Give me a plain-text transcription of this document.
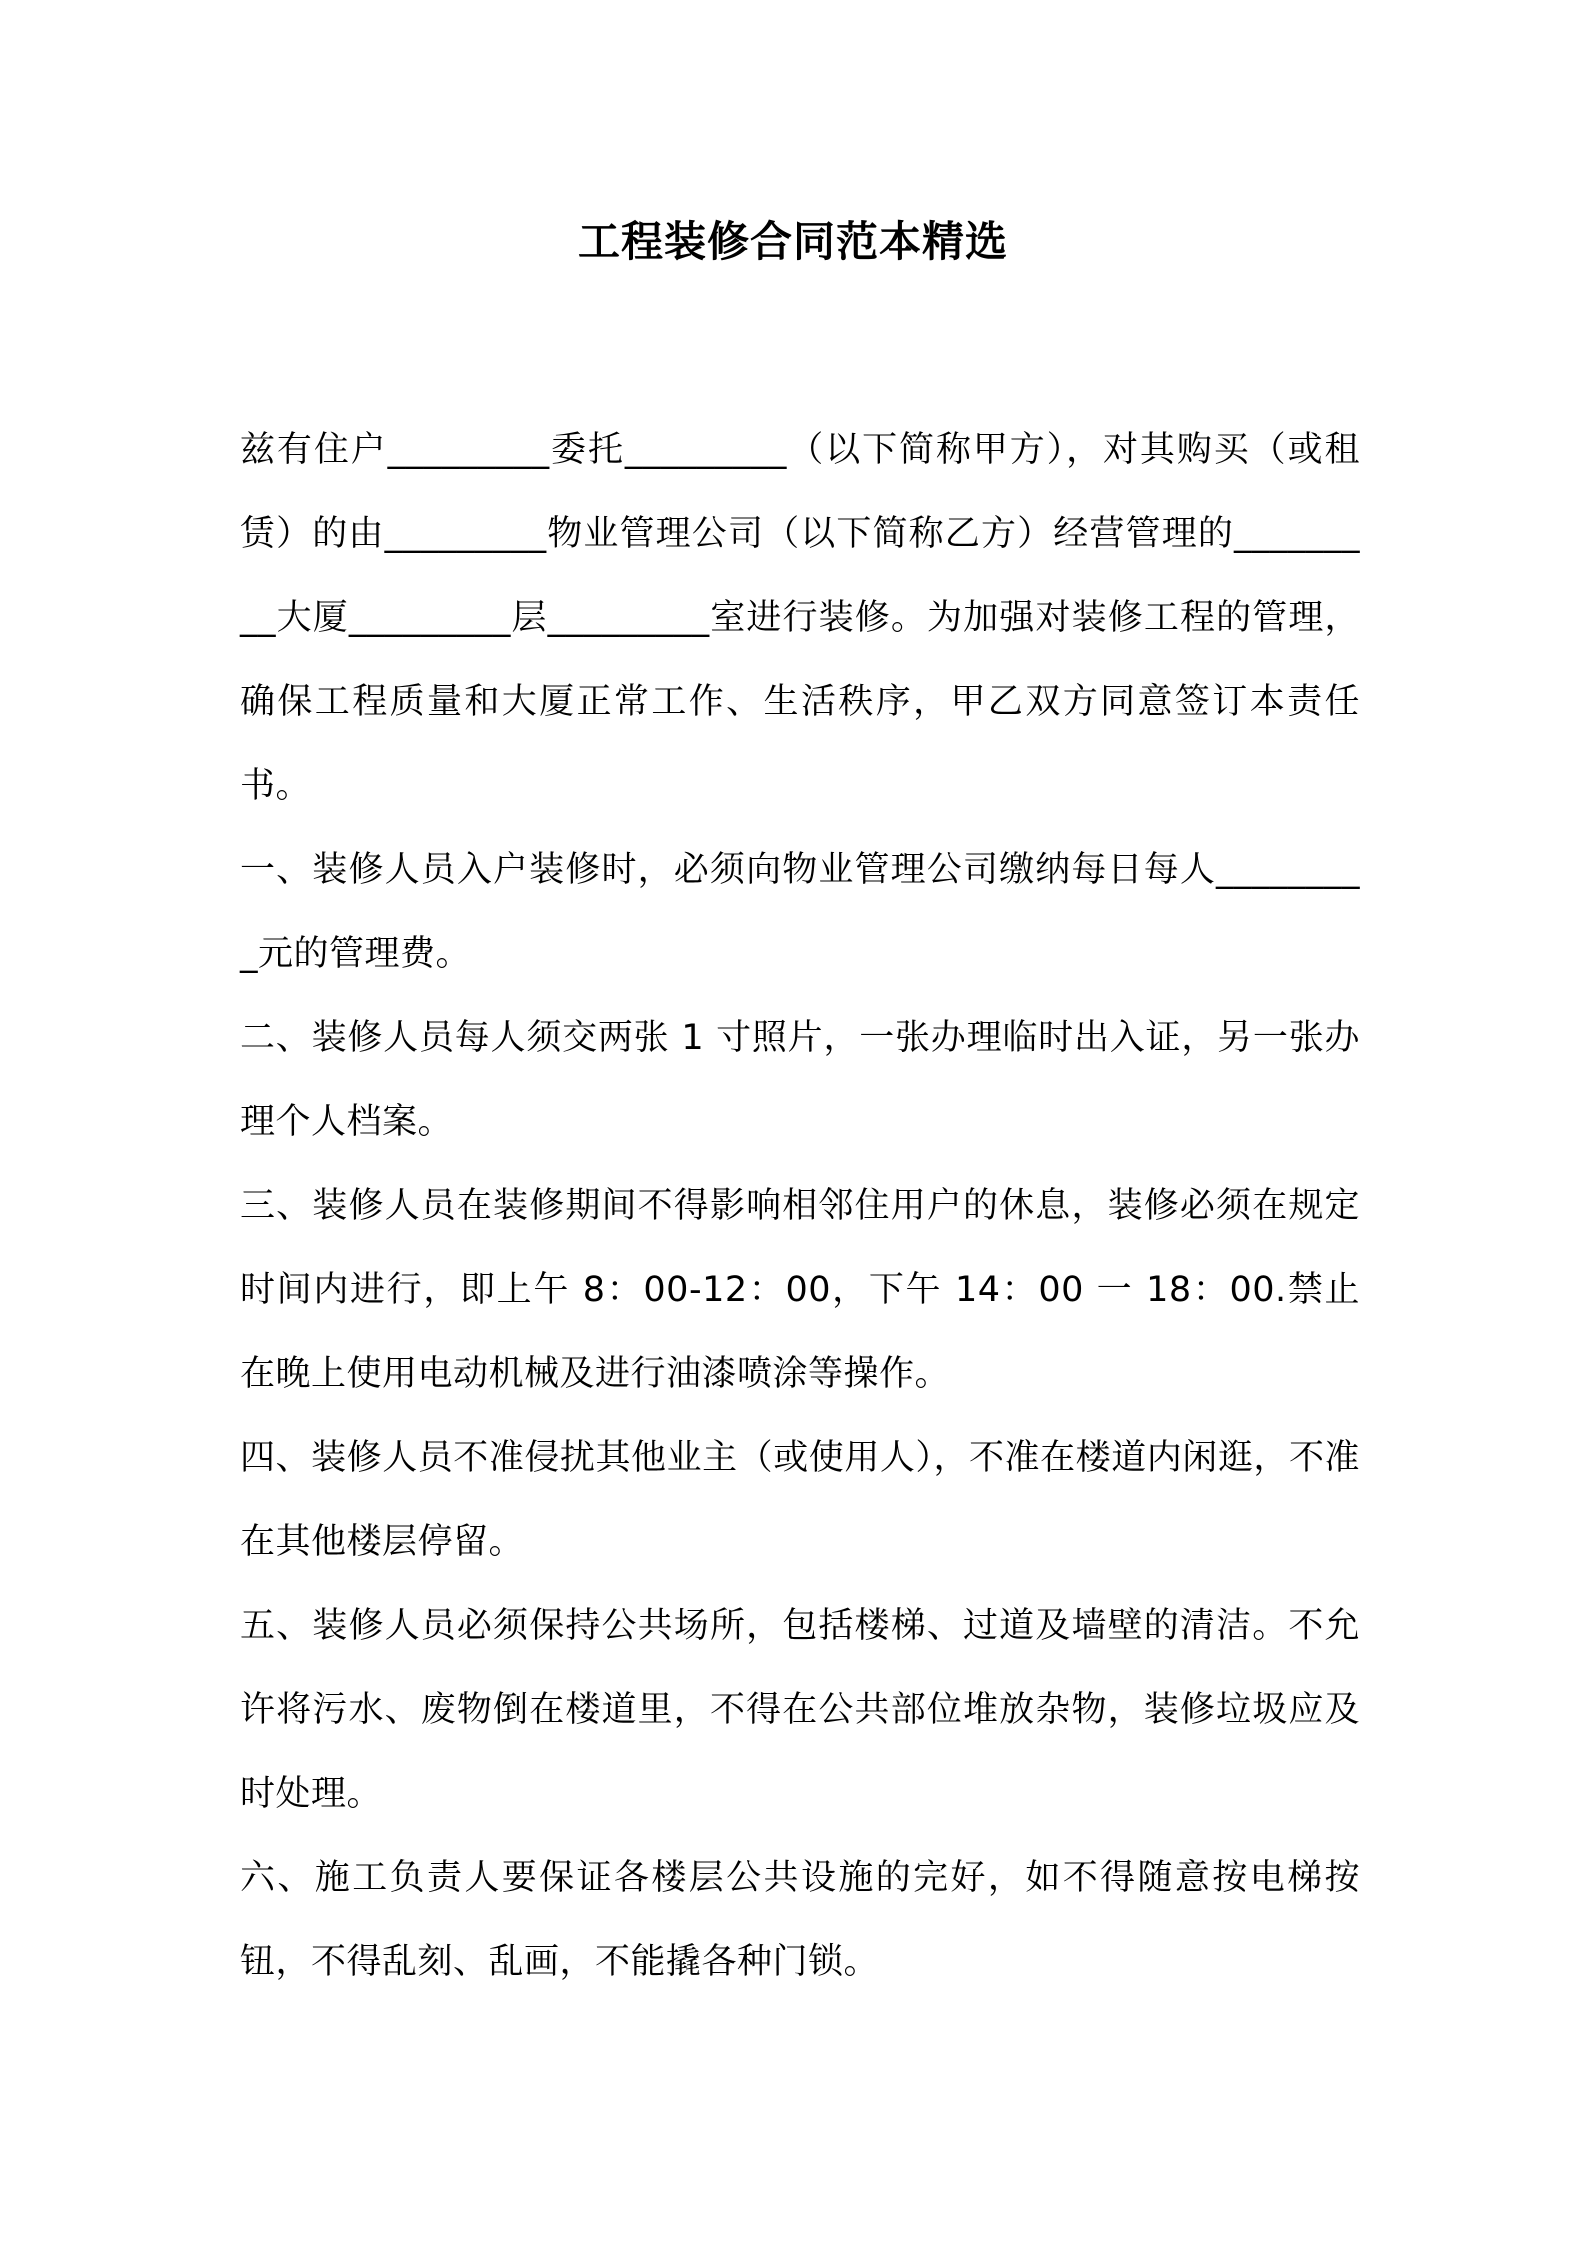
工程装修合同范本精选

兹有住户_________委托_________（以下简称甲方），对其购买（或租赁）的由_________物业管理公司（以下简称乙方）经营管理的_________大厦_________层_________室进行装修。为加强对装修工程的管理，确保工程质量和大厦正常工作、生活秩序，甲乙双方同意签订本责任书。

一、装修人员入户装修时，必须向物业管理公司缴纳每日每人_________元的管理费。

二、装修人员每人须交两张 1 寸照片，一张办理临时出入证，另一张办理个人档案。

三、装修人员在装修期间不得影响相邻住用户的休息，装修必须在规定时间内进行，即上午 8：00-12：00，下午 14：00 一 18：00.禁止在晚上使用电动机械及进行油漆喷涂等操作。

四、装修人员不准侵扰其他业主（或使用人），不准在楼道内闲逛，不准在其他楼层停留。

五、装修人员必须保持公共场所，包括楼梯、过道及墙壁的清洁。不允许将污水、废物倒在楼道里，不得在公共部位堆放杂物，装修垃圾应及时处理。

六、施工负责人要保证各楼层公共设施的完好，如不得随意按电梯按钮，不得乱刻、乱画，不能撬各种门锁。
